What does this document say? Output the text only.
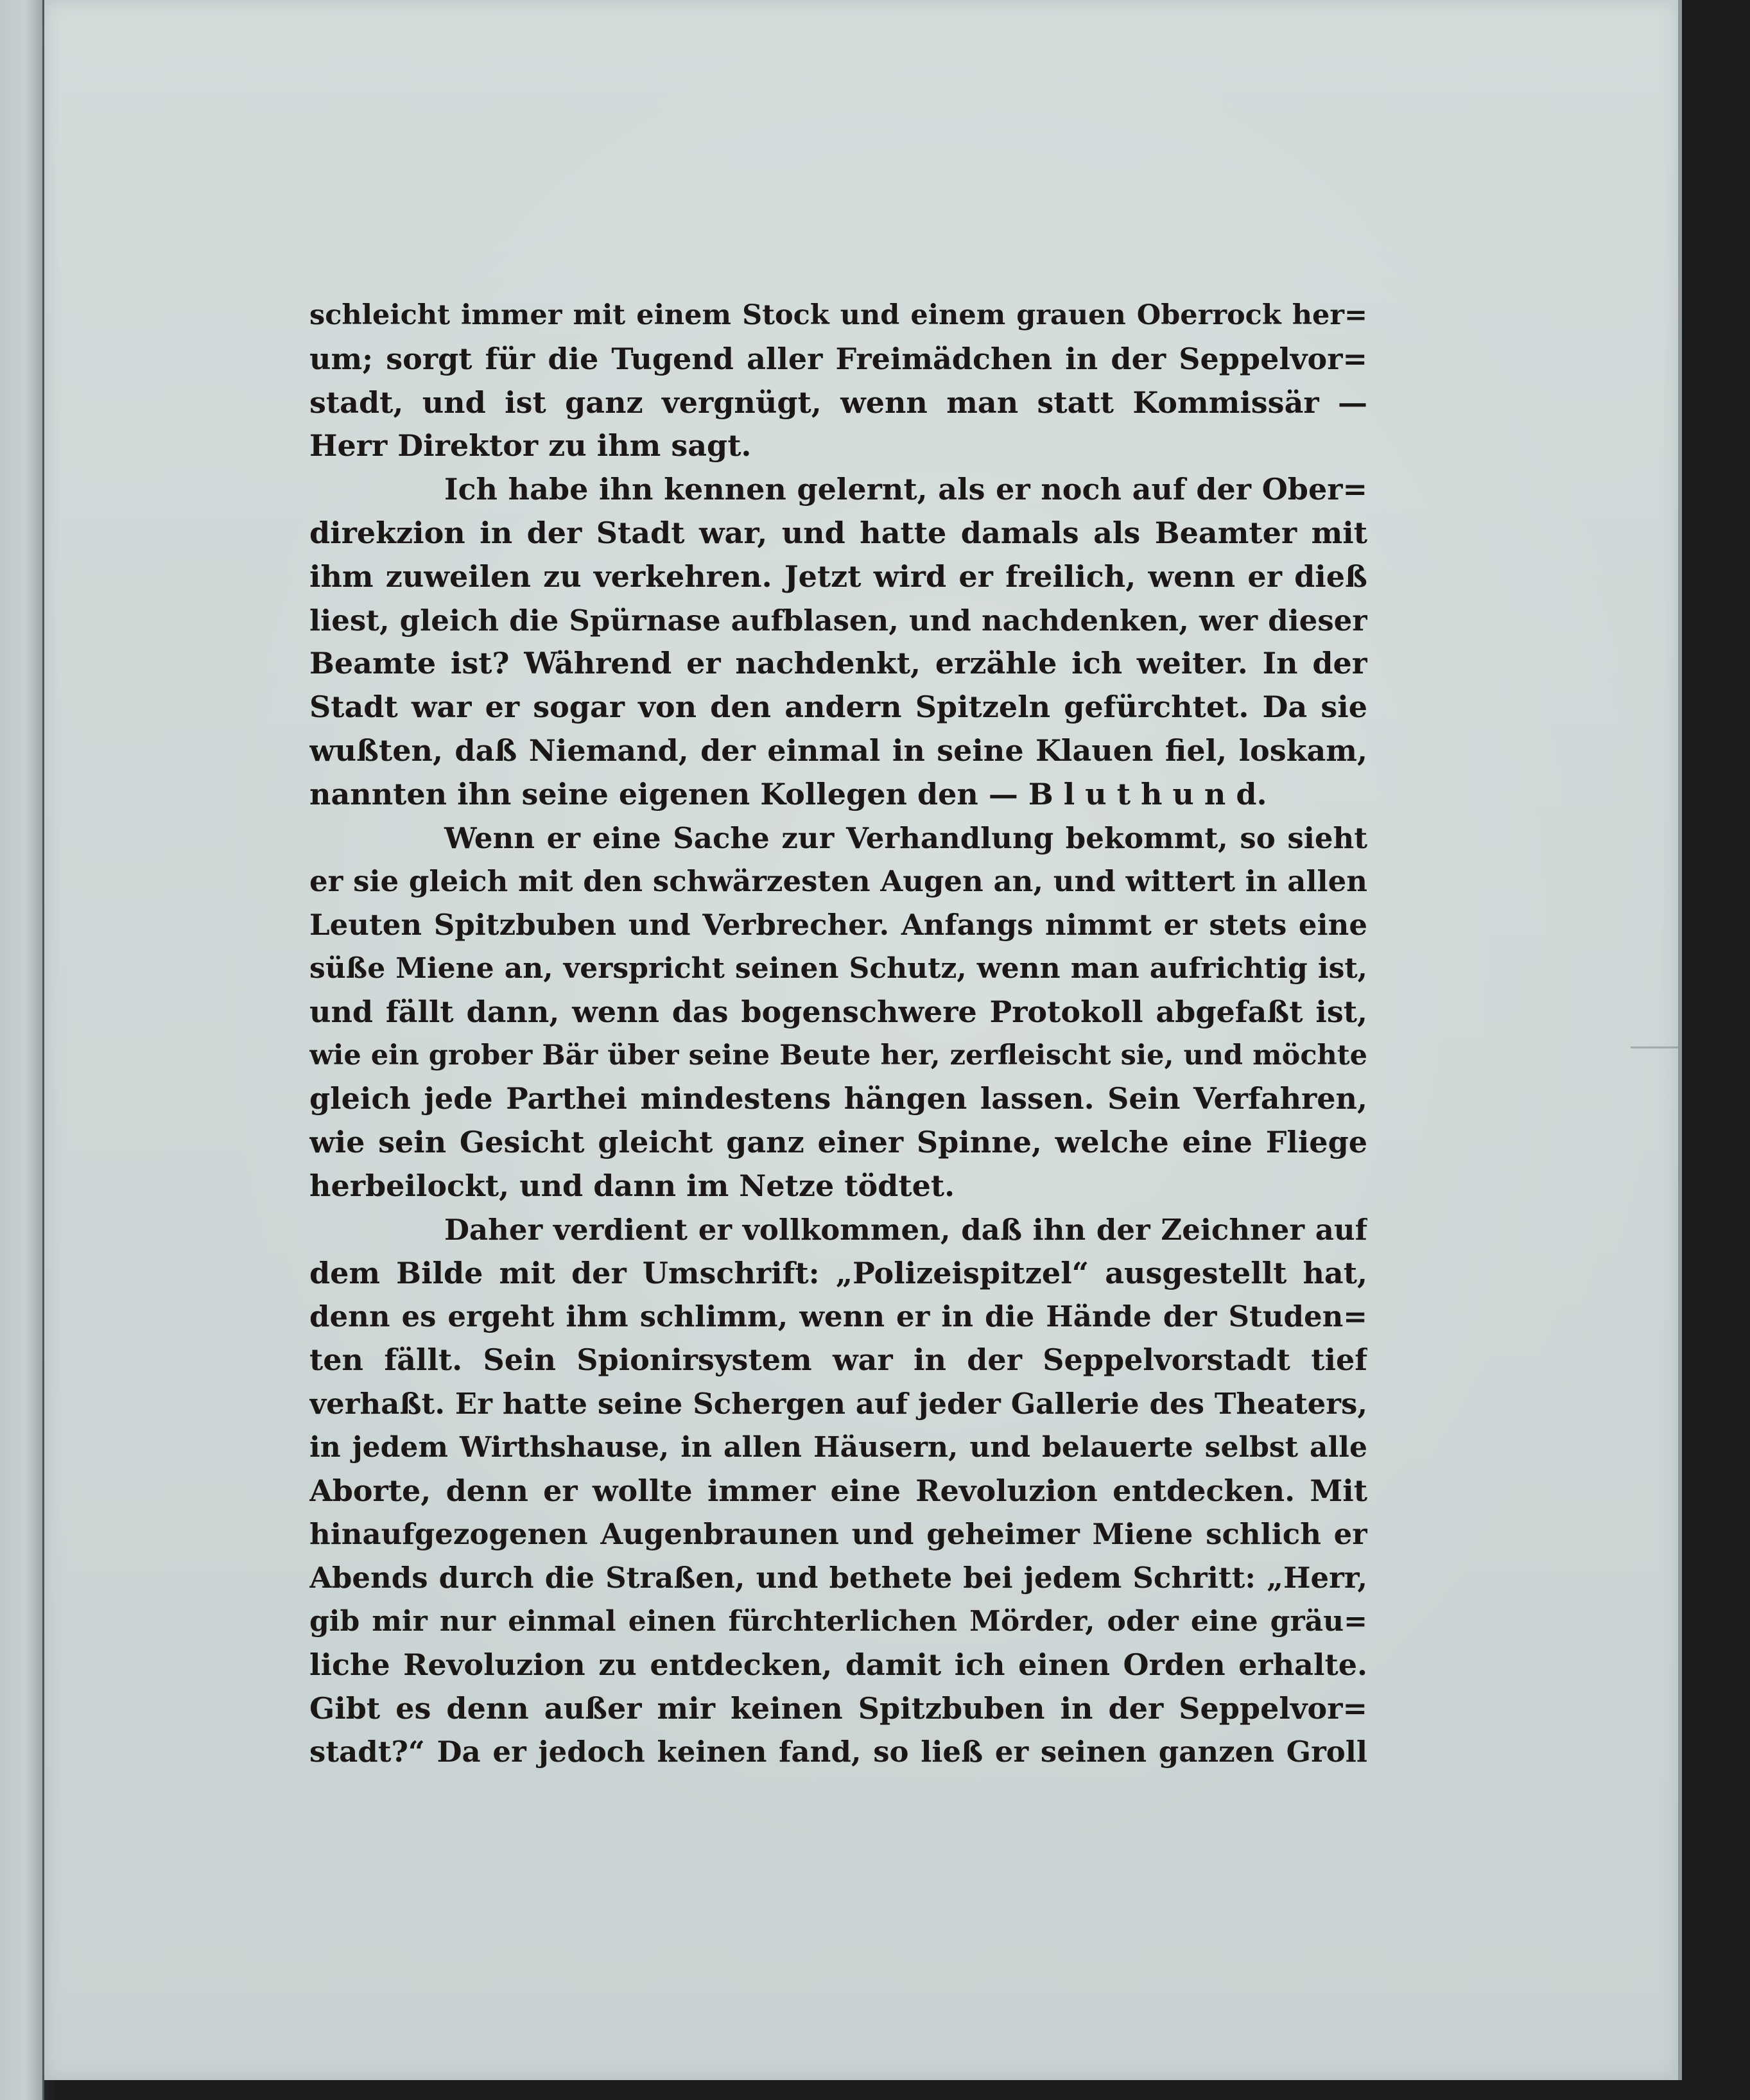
schleicht immer mit einem Stock und einem grauen Oberrock her=
um; sorgt für die Tugend aller Freimädchen in der Seppelvor=
stadt, und ist ganz vergnügt, wenn man statt Kommissär —
Herr Direktor zu ihm sagt.
Ich habe ihn kennen gelernt, als er noch auf der Ober=
direkzion in der Stadt war, und hatte damals als Beamter mit
ihm zuweilen zu verkehren. Jetzt wird er freilich, wenn er dieß
liest, gleich die Spürnase aufblasen, und nachdenken, wer dieser
Beamte ist? Während er nachdenkt, erzähle ich weiter. In der
Stadt war er sogar von den andern Spitzeln gefürchtet. Da sie
wußten, daß Niemand, der einmal in seine Klauen fiel, loskam,
nannten ihn seine eigenen Kollegen den — B l u t h u n d.
Wenn er eine Sache zur Verhandlung bekommt, so sieht
er sie gleich mit den schwärzesten Augen an, und wittert in allen
Leuten Spitzbuben und Verbrecher. Anfangs nimmt er stets eine
süße Miene an, verspricht seinen Schutz, wenn man aufrichtig ist,
und fällt dann, wenn das bogenschwere Protokoll abgefaßt ist,
wie ein grober Bär über seine Beute her, zerfleischt sie, und möchte
gleich jede Parthei mindestens hängen lassen. Sein Verfahren,
wie sein Gesicht gleicht ganz einer Spinne, welche eine Fliege
herbeilockt, und dann im Netze tödtet.
Daher verdient er vollkommen, daß ihn der Zeichner auf
dem Bilde mit der Umschrift: „Polizeispitzel“ ausgestellt hat,
denn es ergeht ihm schlimm, wenn er in die Hände der Studen=
ten fällt. Sein Spionirsystem war in der Seppelvorstadt tief
verhaßt. Er hatte seine Schergen auf jeder Gallerie des Theaters,
in jedem Wirthshause, in allen Häusern, und belauerte selbst alle
Aborte, denn er wollte immer eine Revoluzion entdecken. Mit
hinaufgezogenen Augenbraunen und geheimer Miene schlich er
Abends durch die Straßen, und bethete bei jedem Schritt: „Herr,
gib mir nur einmal einen fürchterlichen Mörder, oder eine gräu=
liche Revoluzion zu entdecken, damit ich einen Orden erhalte.
Gibt es denn außer mir keinen Spitzbuben in der Seppelvor=
stadt?“ Da er jedoch keinen fand, so ließ er seinen ganzen Groll
